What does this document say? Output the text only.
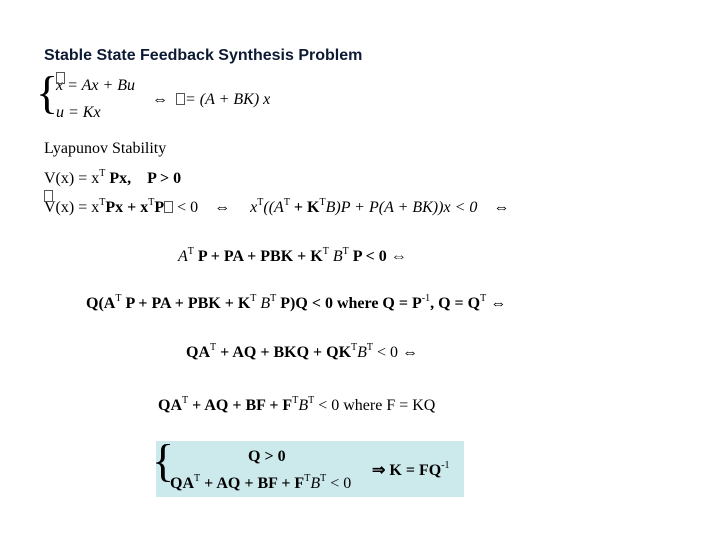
Stable State Feedback Synthesis Problem
{
x = Ax + Bu
u = Kx
⇔ = (A + BK) x
Lyapunov Stability
$V(x) = x^T$ Px, P > 0
$V(x) = x^TPx + x^TP < 0$ ⇔ $x^T((A^T + K^TB)P + P(A + BK))x < 0$ ⇔
$A^T$ P + PA + PBK + $K^T$ $B^T$ P < 0 ⇔
$Q(A^T$ P + PA + PBK + $K^T$ $B^T$ P)Q < 0 where $Q = P^{-1}$, $Q = Q^T$ ⇔
$QA^T$ + AQ + BKQ + $QK^TB^T < 0$ ⇔
$QA^T$ + AQ + BF + $F^TB^T < 0$ where F = KQ
{	Q > 0
$QA^T$ + AQ + BF + $F^TB^T < 0$
⇒ $K = FQ^{-1}$
